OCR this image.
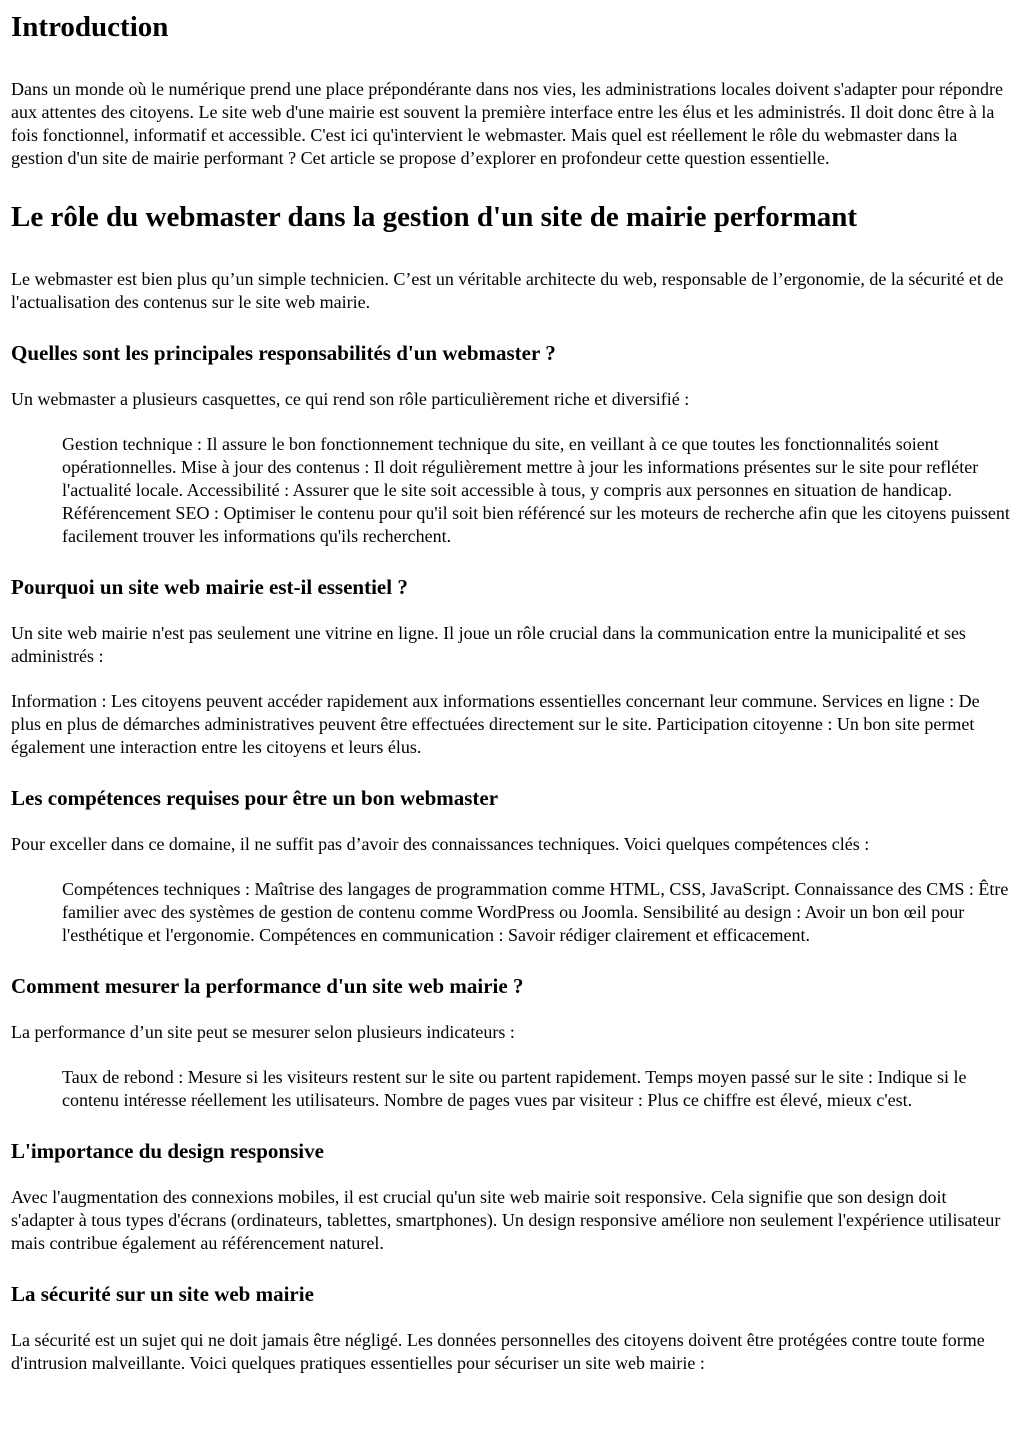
Introduction

Dans un monde où le numérique prend une place prépondérante dans nos vies, les administrations locales doivent s'adapter pour répondre aux attentes des citoyens. Le site web d'une mairie est souvent la première interface entre les élus et les administrés. Il doit donc être à la fois fonctionnel, informatif et accessible. C'est ici qu'intervient le webmaster. Mais quel est réellement le rôle du webmaster dans la gestion d'un site de mairie performant ? Cet article se propose d’explorer en profondeur cette question essentielle.

Le rôle du webmaster dans la gestion d'un site de mairie performant

Le webmaster est bien plus qu’un simple technicien. C’est un véritable architecte du web, responsable de l’ergonomie, de la sécurité et de l'actualisation des contenus sur le site web mairie.

Quelles sont les principales responsabilités d'un webmaster ?

Un webmaster a plusieurs casquettes, ce qui rend son rôle particulièrement riche et diversifié :

Gestion technique : Il assure le bon fonctionnement technique du site, en veillant à ce que toutes les fonctionnalités soient opérationnelles. Mise à jour des contenus : Il doit régulièrement mettre à jour les informations présentes sur le site pour refléter l'actualité locale. Accessibilité : Assurer que le site soit accessible à tous, y compris aux personnes en situation de handicap. Référencement SEO : Optimiser le contenu pour qu'il soit bien référencé sur les moteurs de recherche afin que les citoyens puissent facilement trouver les informations qu'ils recherchent.
Pourquoi un site web mairie est-il essentiel ?

Un site web mairie n'est pas seulement une vitrine en ligne. Il joue un rôle crucial dans la communication entre la municipalité et ses administrés :

Information : Les citoyens peuvent accéder rapidement aux informations essentielles concernant leur commune. Services en ligne : De plus en plus de démarches administratives peuvent être effectuées directement sur le site. Participation citoyenne : Un bon site permet également une interaction entre les citoyens et leurs élus.

Les compétences requises pour être un bon webmaster

Pour exceller dans ce domaine, il ne suffit pas d’avoir des connaissances techniques. Voici quelques compétences clés :

Compétences techniques : Maîtrise des langages de programmation comme HTML, CSS, JavaScript. Connaissance des CMS : Être familier avec des systèmes de gestion de contenu comme WordPress ou Joomla. Sensibilité au design : Avoir un bon œil pour l'esthétique et l'ergonomie. Compétences en communication : Savoir rédiger clairement et efficacement.
Comment mesurer la performance d'un site web mairie ?

La performance d’un site peut se mesurer selon plusieurs indicateurs :

Taux de rebond : Mesure si les visiteurs restent sur le site ou partent rapidement. Temps moyen passé sur le site : Indique si le contenu intéresse réellement les utilisateurs. Nombre de pages vues par visiteur : Plus ce chiffre est élevé, mieux c'est.
L'importance du design responsive

Avec l'augmentation des connexions mobiles, il est crucial qu'un site web mairie soit responsive. Cela signifie que son design doit s'adapter à tous types d'écrans (ordinateurs, tablettes, smartphones). Un design responsive améliore non seulement l'expérience utilisateur mais contribue également au référencement naturel.

La sécurité sur un site web mairie

La sécurité est un sujet qui ne doit jamais être négligé. Les données personnelles des citoyens doivent être protégées contre toute forme d'intrusion malveillante. Voici quelques pratiques essentielles pour sécuriser un site web mairie :
